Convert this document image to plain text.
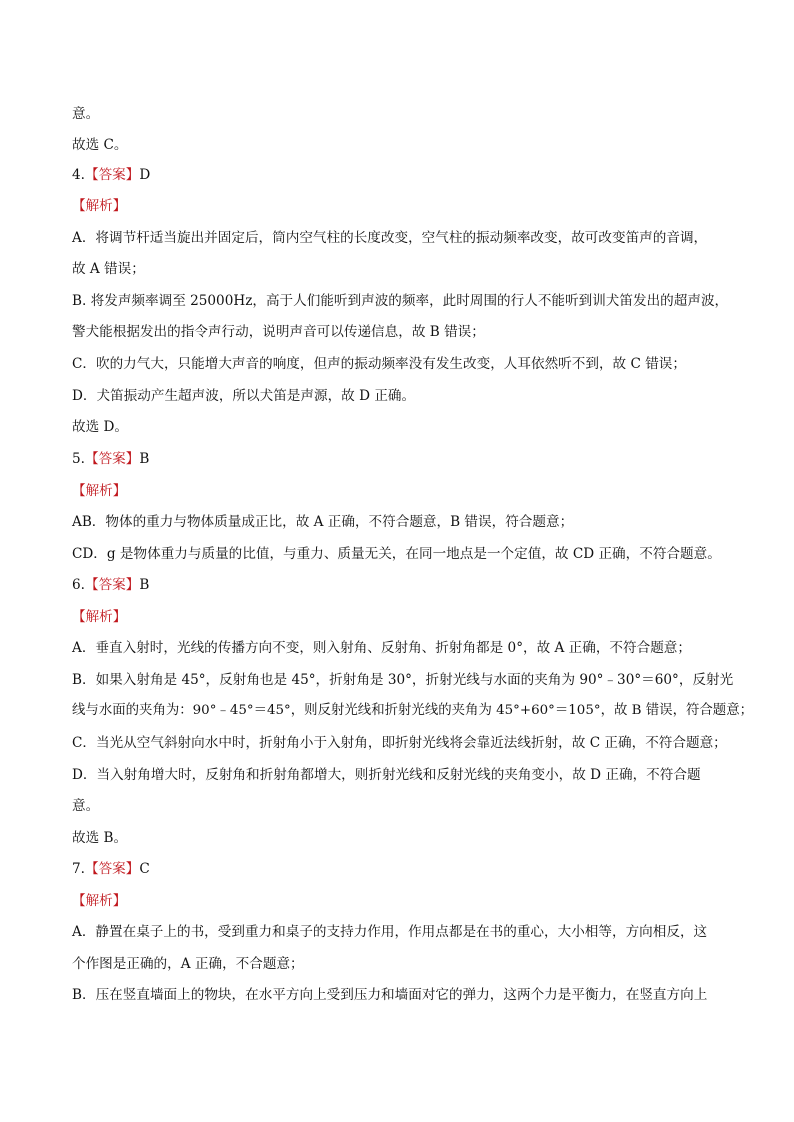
意。
故选 C。
4.【答案】D
【解析】
A．将调节杆适当旋出并固定后，筒内空气柱的长度改变，空气柱的振动频率改变，故可改变笛声的音调，
故 A 错误；
B. 将发声频率调至 25000Hz，高于人们能听到声波的频率，此时周围的行人不能听到训犬笛发出的超声波，
警犬能根据发出的指令声行动，说明声音可以传递信息，故 B 错误；
C．吹的力气大，只能增大声音的响度，但声的振动频率没有发生改变，人耳依然听不到，故 C 错误；
D．犬笛振动产生超声波，所以犬笛是声源，故 D 正确。
故选 D。
5.【答案】B
【解析】
AB．物体的重力与物体质量成正比，故 A 正确，不符合题意，B 错误，符合题意；
CD．g 是物体重力与质量的比值，与重力、质量无关，在同一地点是一个定值，故 CD 正确，不符合题意。
6.【答案】B
【解析】
A．垂直入射时，光线的传播方向不变，则入射角、反射角、折射角都是 0°，故 A 正确，不符合题意；
B．如果入射角是 45°，反射角也是 45°，折射角是 30°，折射光线与水面的夹角为 90°﹣30°＝60°，反射光
线与水面的夹角为：90°﹣45°＝45°，则反射光线和折射光线的夹角为 45°+60°＝105°，故 B 错误，符合题意；
C．当光从空气斜射向水中时，折射角小于入射角，即折射光线将会靠近法线折射，故 C 正确，不符合题意；
D．当入射角增大时，反射角和折射角都增大，则折射光线和反射光线的夹角变小，故 D 正确，不符合题
意。
故选 B。
7.【答案】C
【解析】
A．静置在桌子上的书，受到重力和桌子的支持力作用，作用点都是在书的重心，大小相等，方向相反，这
个作图是正确的，A 正确，不合题意；
B．压在竖直墙面上的物块，在水平方向上受到压力和墙面对它的弹力，这两个力是平衡力，在竖直方向上
